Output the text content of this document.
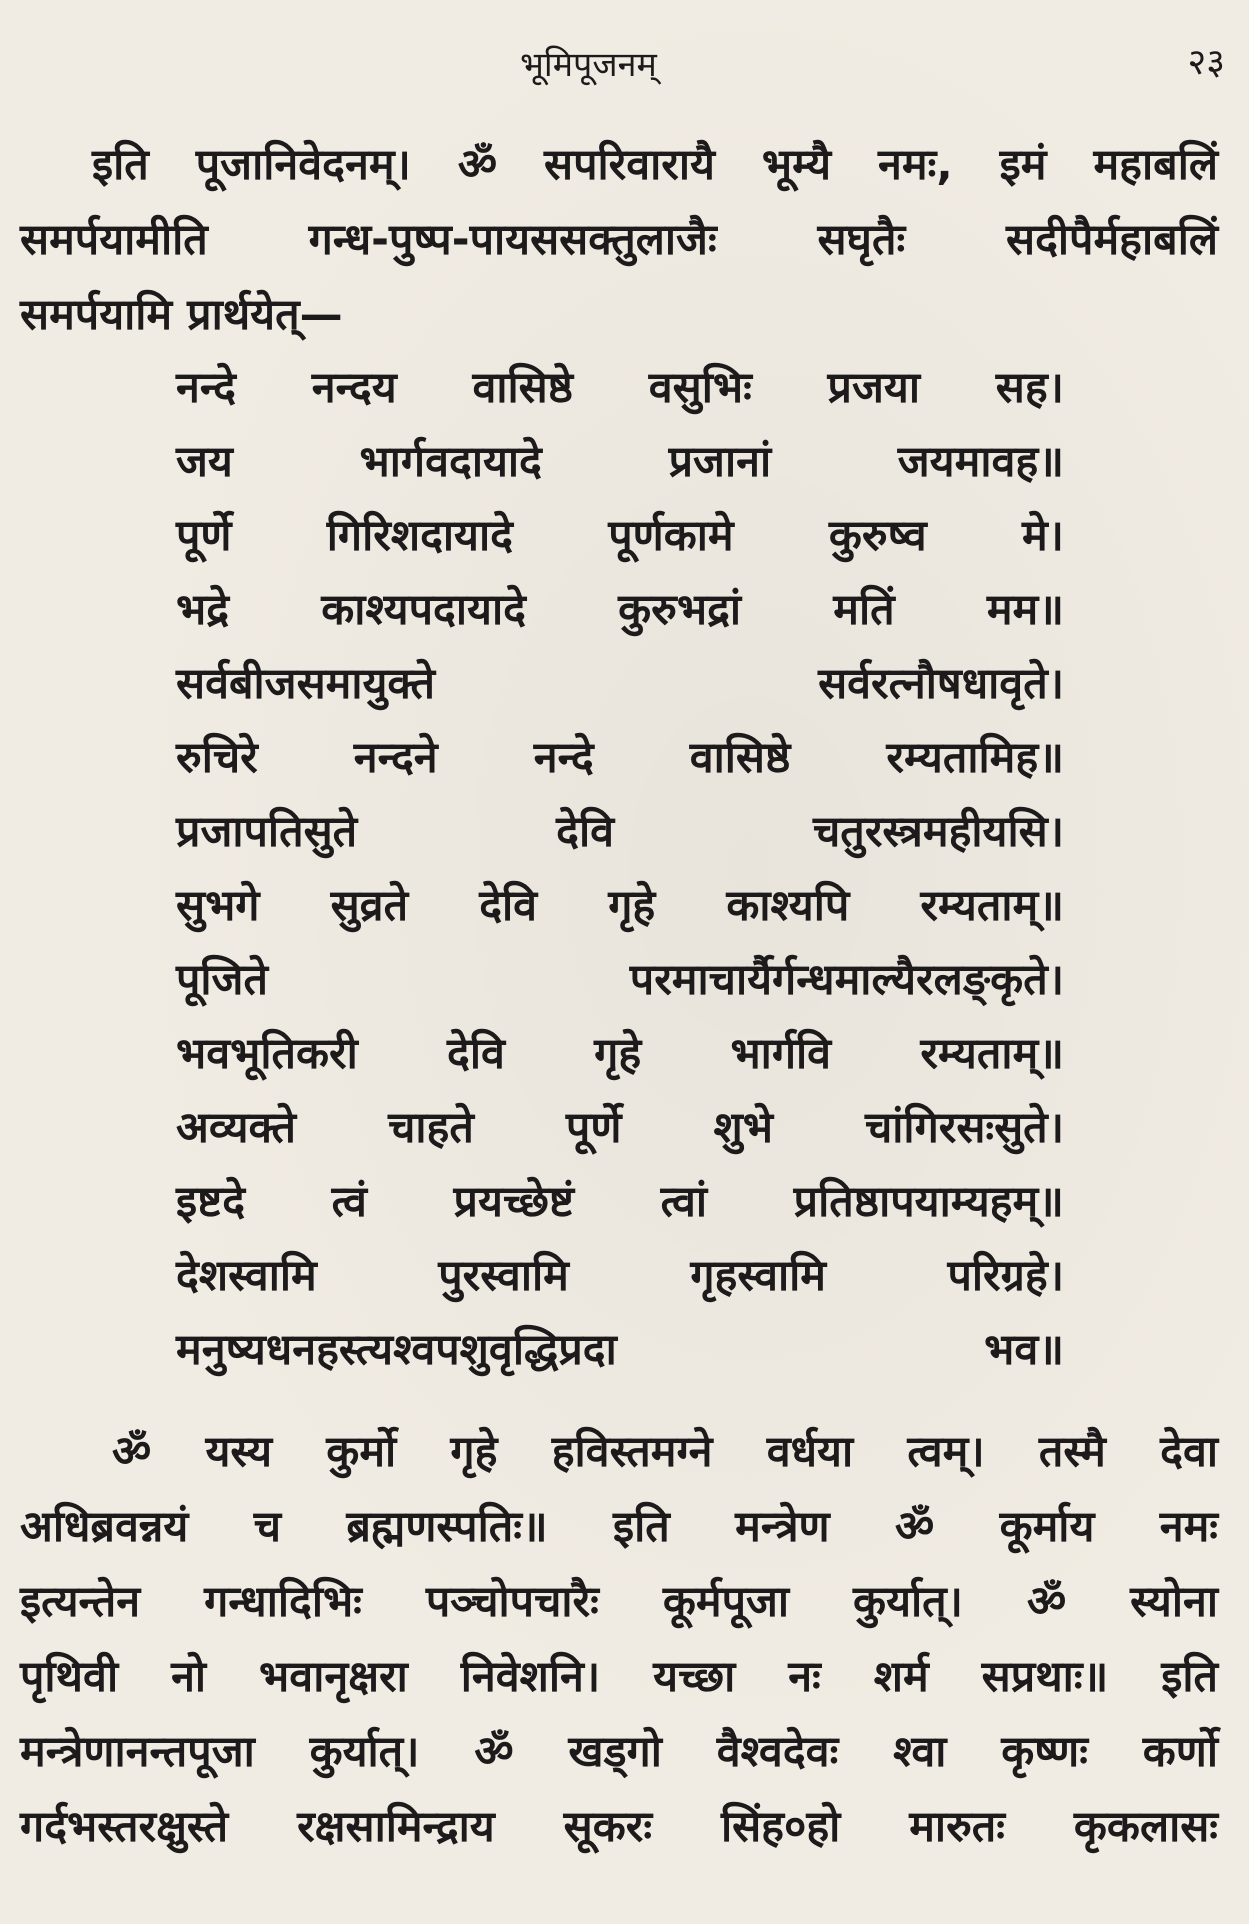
भूमिपूजनम्	२३

इति पूजानिवेदनम्। ॐ सपरिवारायै भूम्यै नमः, इमं महाबलिं
समर्पयामीति गन्ध-पुष्प-पायससक्तुलाजैः सघृतैः सदीपैर्महाबलिं
समर्पयामि प्रार्थयेत्—

नन्दे नन्दय वासिष्ठे वसुभिः प्रजया सह।
जय	भार्गवदायादे	प्रजानां	जयमावह॥
पूर्णे गिरिशदायादे पूर्णकामे कुरुष्व मे।
भद्रे काश्यपदायादे कुरुभद्रां मतिं मम॥
सर्वबीजसमायुक्ते	सर्वरत्नौषधावृते।
रुचिरे नन्दने नन्दे वासिष्ठे रम्यतामिह॥
प्रजापतिसुते	देवि	चतुरस्त्रमहीयसि।
सुभगे सुव्रते देवि गृहे काश्यपि रम्यताम्॥
पूजिते	परमाचार्यैर्गन्धमाल्यैरलङ्कृते।
भवभूतिकरी देवि गृहे भार्गवि रम्यताम्॥
अव्यक्ते चाहते पूर्णे शुभे चांगिरसःसुते।
इष्टदे त्वं प्रयच्छेष्टं त्वां प्रतिष्ठापयाम्यहम्॥
देशस्वामि	पुरस्वामि	गृहस्वामि	परिग्रहे।
मनुष्यधनहस्त्यश्वपशुवृद्धिप्रदा	भव॥

ॐ यस्य कुर्मो गृहे हविस्तमग्ने वर्धया त्वम्। तस्मै देवा
अधिब्रवन्नयं च ब्रह्मणस्पतिः॥ इति मन्त्रेण ॐ कूर्माय नमः
इत्यन्तेन गन्धादिभिः पञ्चोपचारैः कूर्मपूजा कुर्यात्। ॐ स्योना
पृथिवी नो भवानृक्षरा निवेशनि। यच्छा नः शर्म सप्रथाः॥ इति
मन्त्रेणानन्तपूजा कुर्यात्। ॐ खड्गो वैश्वदेवः श्वा कृष्णः कर्णो
गर्दभस्तरक्षुस्ते रक्षसामिन्द्राय सूकरः सिंह०हो मारुतः कृकलासः
